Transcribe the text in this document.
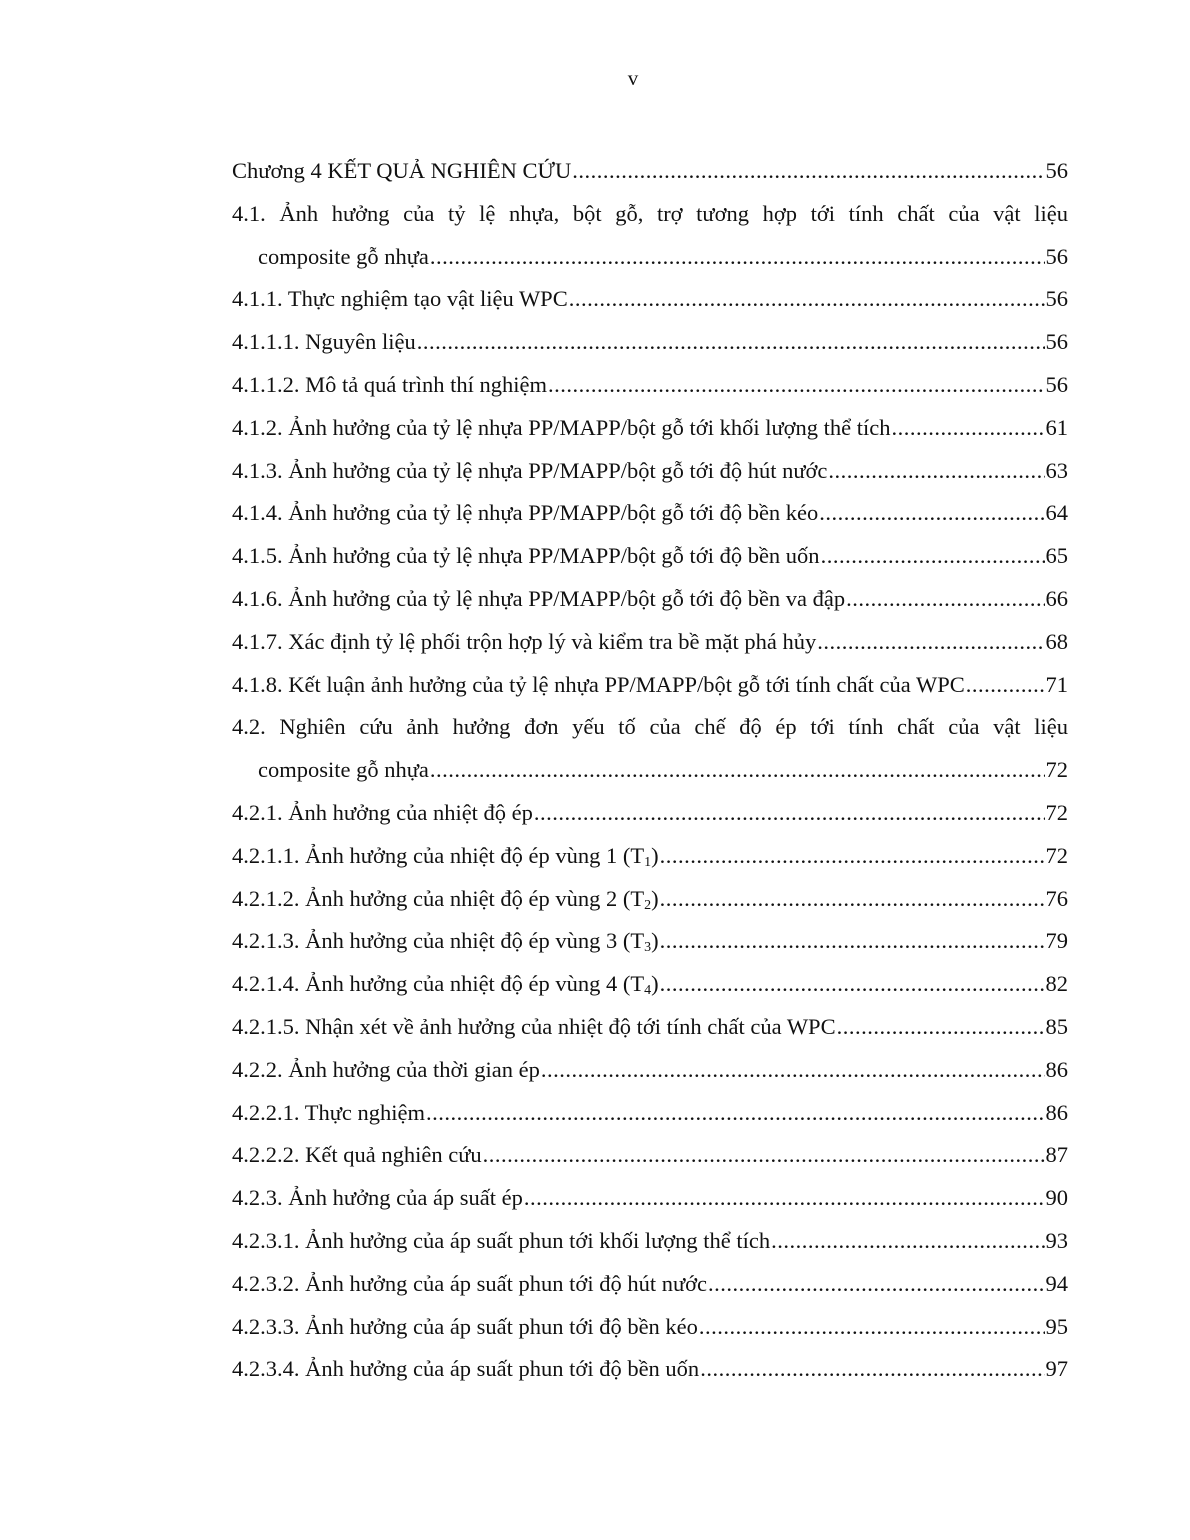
v
Chương 4 KẾT QUẢ NGHIÊN CỨU .....	56
4.1. Ảnh hưởng của tỷ lệ nhựa, bột gỗ, trợ tương hợp tới tính chất của vật liệu
composite gỗ nhựa .....	56
4.1.1. Thực nghiệm tạo vật liệu WPC .....	56
4.1.1.1. Nguyên liệu .....	56
4.1.1.2. Mô tả quá trình thí nghiệm .....	56
4.1.2. Ảnh hưởng của tỷ lệ nhựa PP/MAPP/bột gỗ tới khối lượng thể tích .....	61
4.1.3. Ảnh hưởng của tỷ lệ nhựa PP/MAPP/bột gỗ tới độ hút nước .....	63
4.1.4. Ảnh hưởng của tỷ lệ nhựa PP/MAPP/bột gỗ tới độ bền kéo .....	64
4.1.5. Ảnh hưởng của tỷ lệ nhựa PP/MAPP/bột gỗ tới độ bền uốn .....	65
4.1.6. Ảnh hưởng của tỷ lệ nhựa PP/MAPP/bột gỗ tới độ bền va đập .....	66
4.1.7. Xác định tỷ lệ phối trộn hợp lý và kiểm tra bề mặt phá hủy .....	68
4.1.8. Kết luận ảnh hưởng của tỷ lệ nhựa PP/MAPP/bột gỗ tới tính chất của WPC .....	71
4.2. Nghiên cứu ảnh hưởng đơn yếu tố của chế độ ép tới tính chất của vật liệu
composite gỗ nhựa .....	72
4.2.1. Ảnh hưởng của nhiệt độ ép .....	72
4.2.1.1. Ảnh hưởng của nhiệt độ ép vùng 1 $(T_1)$ .....	72
4.2.1.2. Ảnh hưởng của nhiệt độ ép vùng 2 $(T_2)$ .....	76
4.2.1.3. Ảnh hưởng của nhiệt độ ép vùng 3 $(T_3)$ .....	79
4.2.1.4. Ảnh hưởng của nhiệt độ ép vùng 4 $(T_4)$ .....	82
4.2.1.5. Nhận xét về ảnh hưởng của nhiệt độ tới tính chất của WPC .....	85
4.2.2. Ảnh hưởng của thời gian ép .....	86
4.2.2.1. Thực nghiệm .....	86
4.2.2.2. Kết quả nghiên cứu .....	87
4.2.3. Ảnh hưởng của áp suất ép .....	90
4.2.3.1. Ảnh hưởng của áp suất phun tới khối lượng thể tích .....	93
4.2.3.2. Ảnh hưởng của áp suất phun tới độ hút nước .....	94
4.2.3.3. Ảnh hưởng của áp suất phun tới độ bền kéo .....	95
4.2.3.4. Ảnh hưởng của áp suất phun tới độ bền uốn .....	97
